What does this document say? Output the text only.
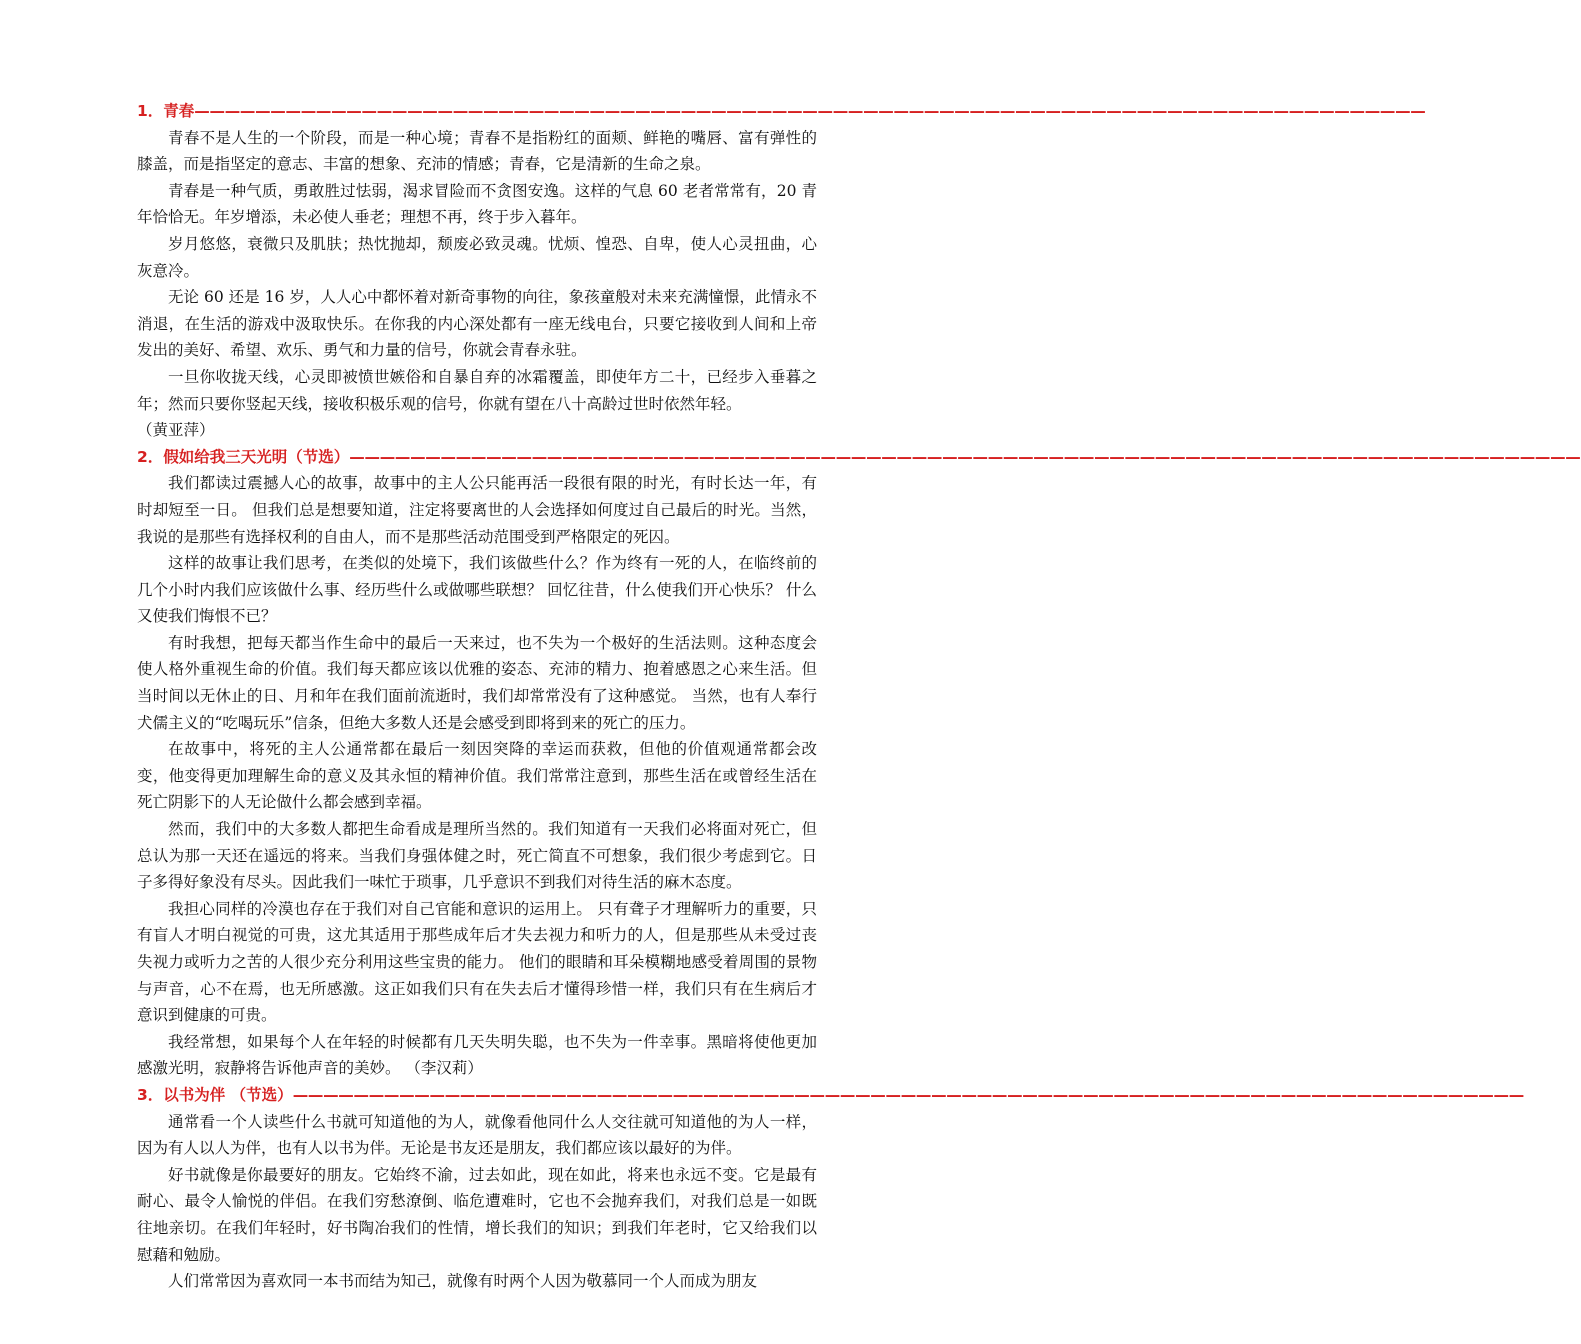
1．青春—————————————————————————————————————————————————————————————————————————————————

青春不是人生的一个阶段，而是一种心境；青春不是指粉红的面颊、鲜艳的嘴唇、富有弹性的膝盖，而是指坚定的意志、丰富的想象、充沛的情感；青春，它是清新的生命之泉。

青春是一种气质，勇敢胜过怯弱，渴求冒险而不贪图安逸。这样的气息 60 老者常常有，20 青年恰恰无。年岁增添，未必使人垂老；理想不再，终于步入暮年。

岁月悠悠，衰微只及肌肤；热忱抛却，颓废必致灵魂。忧烦、惶恐、自卑，使人心灵扭曲，心灰意冷。

无论 60 还是 16 岁，人人心中都怀着对新奇事物的向往，象孩童般对未来充满憧憬，此情永不消退，在生活的游戏中汲取快乐。在你我的内心深处都有一座无线电台，只要它接收到人间和上帝发出的美好、希望、欢乐、勇气和力量的信号，你就会青春永驻。

一旦你收拢天线，心灵即被愤世嫉俗和自暴自弃的冰霜覆盖，即使年方二十，已经步入垂暮之年；然而只要你竖起天线，接收积极乐观的信号，你就有望在八十高龄过世时依然年轻。

（黄亚萍）

2．假如给我三天光明（节选）—————————————————————————————————————————————————————————————————————————————————

我们都读过震撼人心的故事，故事中的主人公只能再活一段很有限的时光，有时长达一年，有时却短至一日。 但我们总是想要知道，注定将要离世的人会选择如何度过自己最后的时光。当然，我说的是那些有选择权利的自由人，而不是那些活动范围受到严格限定的死囚。

这样的故事让我们思考，在类似的处境下，我们该做些什么？作为终有一死的人，在临终前的几个小时内我们应该做什么事、经历些什么或做哪些联想？ 回忆往昔，什么使我们开心快乐？ 什么又使我们悔恨不已？

有时我想，把每天都当作生命中的最后一天来过，也不失为一个极好的生活法则。这种态度会使人格外重视生命的价值。我们每天都应该以优雅的姿态、充沛的精力、抱着感恩之心来生活。但当时间以无休止的日、月和年在我们面前流逝时，我们却常常没有了这种感觉。 当然，也有人奉行犬儒主义的“吃喝玩乐”信条，但绝大多数人还是会感受到即将到来的死亡的压力。

在故事中，将死的主人公通常都在最后一刻因突降的幸运而获救，但他的价值观通常都会改变，他变得更加理解生命的意义及其永恒的精神价值。我们常常注意到，那些生活在或曾经生活在死亡阴影下的人无论做什么都会感到幸福。

然而，我们中的大多数人都把生命看成是理所当然的。我们知道有一天我们必将面对死亡，但总认为那一天还在遥远的将来。当我们身强体健之时，死亡简直不可想象，我们很少考虑到它。日子多得好象没有尽头。因此我们一味忙于琐事，几乎意识不到我们对待生活的麻木态度。

我担心同样的冷漠也存在于我们对自己官能和意识的运用上。 只有聋子才理解听力的重要，只有盲人才明白视觉的可贵，这尤其适用于那些成年后才失去视力和听力的人，但是那些从未受过丧失视力或听力之苦的人很少充分利用这些宝贵的能力。 他们的眼睛和耳朵模糊地感受着周围的景物与声音，心不在焉，也无所感激。这正如我们只有在失去后才懂得珍惜一样，我们只有在生病后才意识到健康的可贵。

我经常想，如果每个人在年轻的时候都有几天失明失聪，也不失为一件幸事。黑暗将使他更加感激光明，寂静将告诉他声音的美妙。 （李汉莉）

3．以书为伴 （节选）—————————————————————————————————————————————————————————————————————————————————

通常看一个人读些什么书就可知道他的为人，就像看他同什么人交往就可知道他的为人一样，因为有人以人为伴，也有人以书为伴。无论是书友还是朋友，我们都应该以最好的为伴。

好书就像是你最要好的朋友。它始终不渝，过去如此，现在如此，将来也永远不变。它是最有耐心、最令人愉悦的伴侣。在我们穷愁潦倒、临危遭难时，它也不会抛弃我们，对我们总是一如既往地亲切。在我们年轻时，好书陶冶我们的性情，增长我们的知识；到我们年老时，它又给我们以慰藉和勉励。

人们常常因为喜欢同一本书而结为知己，就像有时两个人因为敬慕同一个人而成为朋友
